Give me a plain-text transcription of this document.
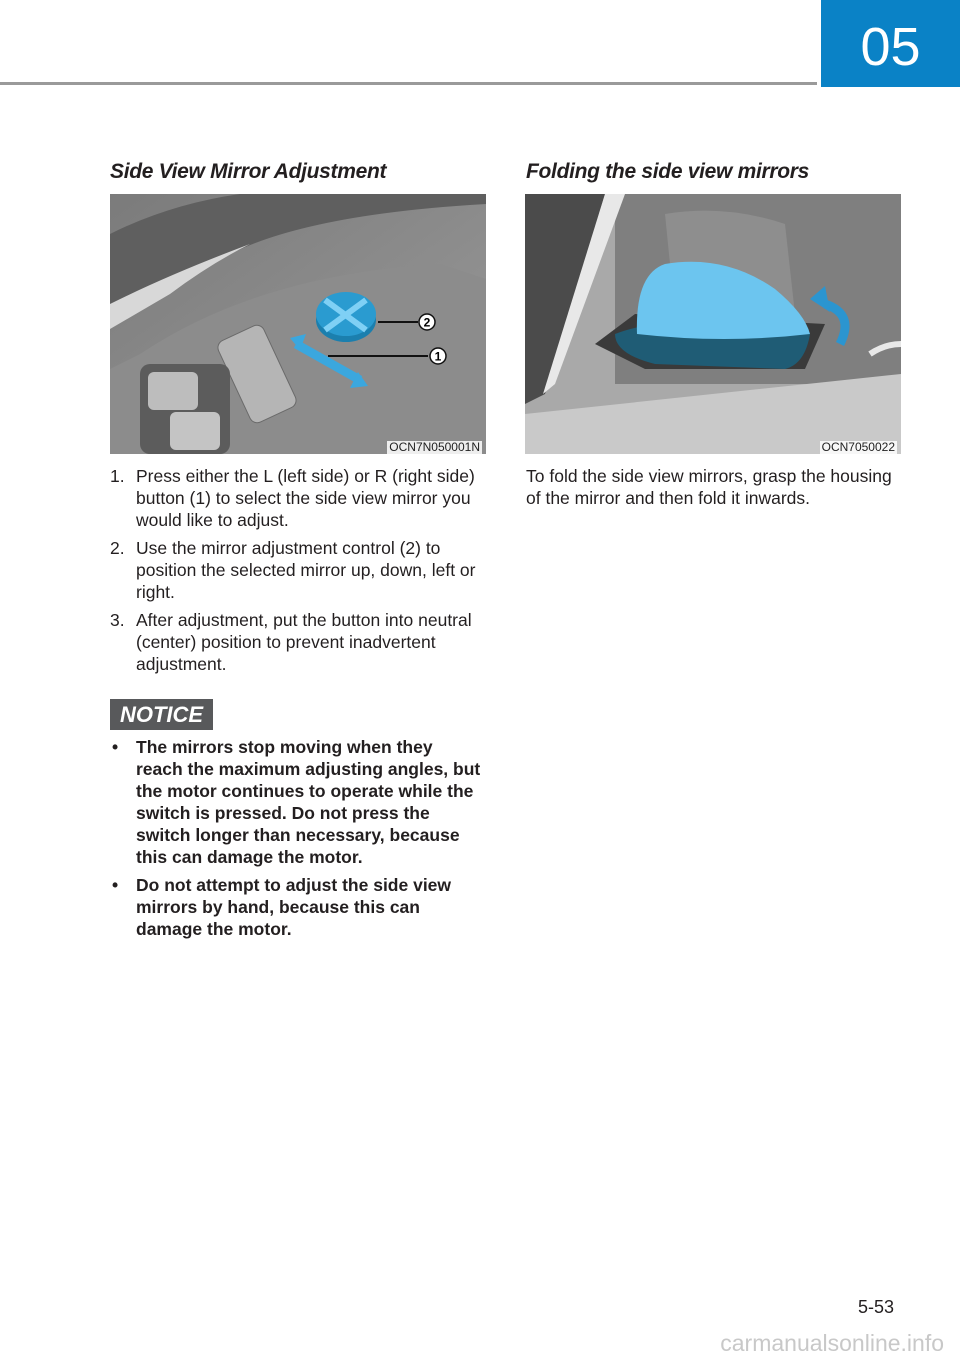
05
Side View Mirror Adjustment	Folding the side view mirrors
2
1
OCN7N050001N	OCN7050022
1. Press either the L (left side) or R (right side) button (1) to select the side view mirror you would like to adjust.
2. Use the mirror adjustment control (2) to position the selected mirror up, down, left or right.
3. After adjustment, put the button into neutral (center) position to prevent inadvertent adjustment.
NOTICE
• The mirrors stop moving when they reach the maximum adjusting angles, but the motor continues to operate while the switch is pressed. Do not press the switch longer than necessary, because this can damage the motor.
• Do not attempt to adjust the side view mirrors by hand, because this can damage the motor.
To fold the side view mirrors, grasp the housing of the mirror and then fold it inwards.
5-53
carmanualsonline.info
